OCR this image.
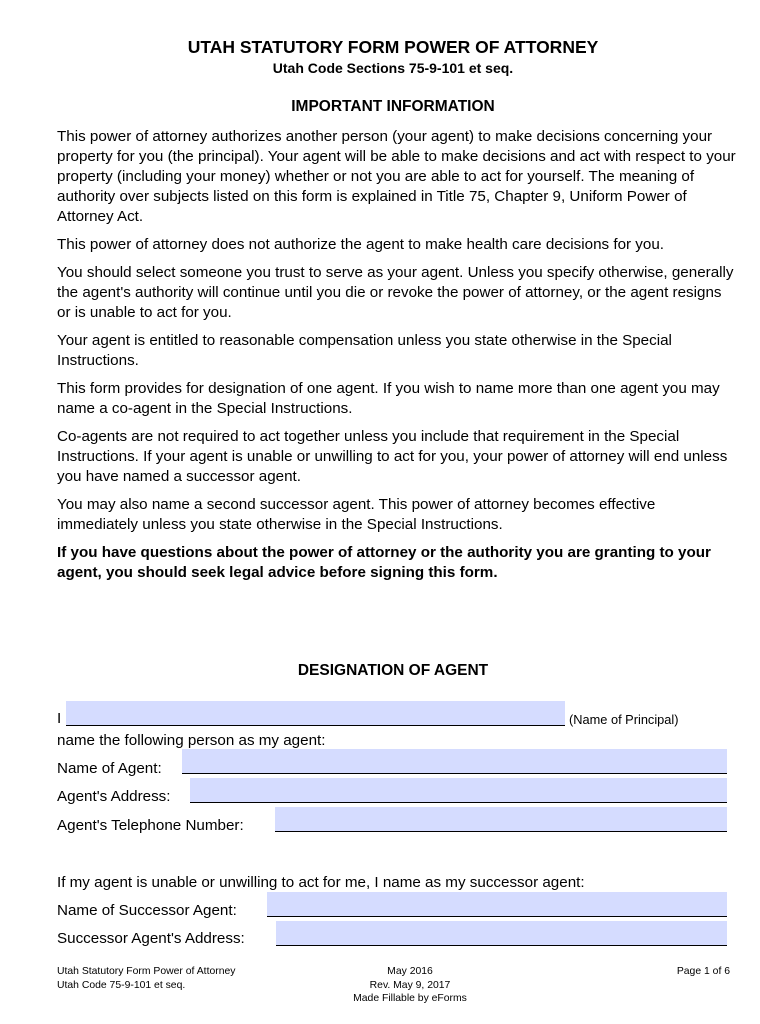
UTAH STATUTORY FORM POWER OF ATTORNEY
Utah Code Sections 75-9-101 et seq.
IMPORTANT INFORMATION

This power of attorney authorizes another person (your agent) to make decisions concerning your property for you (the principal). Your agent will be able to make decisions and act with respect to your property (including your money) whether or not you are able to act for yourself. The meaning of authority over subjects listed on this form is explained in Title 75, Chapter 9, Uniform Power of Attorney Act.

This power of attorney does not authorize the agent to make health care decisions for you.

You should select someone you trust to serve as your agent. Unless you specify otherwise, generally the agent's authority will continue until you die or revoke the power of attorney, or the agent resigns or is unable to act for you.

Your agent is entitled to reasonable compensation unless you state otherwise in the Special Instructions.

This form provides for designation of one agent. If you wish to name more than one agent you may name a co-agent in the Special Instructions.

Co-agents are not required to act together unless you include that requirement in the Special Instructions. If your agent is unable or unwilling to act for you, your power of attorney will end unless you have named a successor agent.

You may also name a second successor agent. This power of attorney becomes effective immediately unless you state otherwise in the Special Instructions.

If you have questions about the power of attorney or the authority you are granting to your agent, you should seek legal advice before signing this form.

DESIGNATION OF AGENT
I	(Name of Principal)
name the following person as my agent:
Name of Agent:
Agent's Address:
Agent's Telephone Number:
If my agent is unable or unwilling to act for me, I name as my successor agent:
Name of Successor Agent:
Successor Agent's Address:
Utah Statutory Form Power of Attorney
Utah Code 75-9-101 et seq.
May 2016
Rev. May 9, 2017
Made Fillable by eForms
Page 1 of 6
